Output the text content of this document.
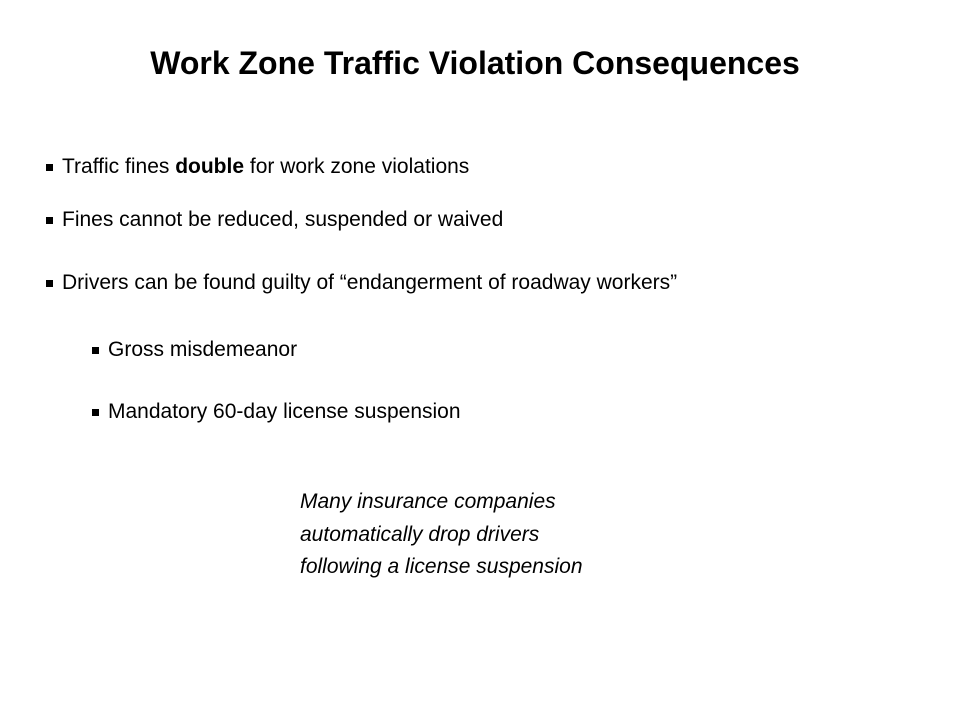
Work Zone Traffic Violation Consequences
Traffic fines double for work zone violations
Fines cannot be reduced, suspended or waived
Drivers can be found guilty of “endangerment of roadway workers”
Gross misdemeanor
Mandatory 60-day license suspension
Many insurance companies
automatically drop drivers
following a license suspension
